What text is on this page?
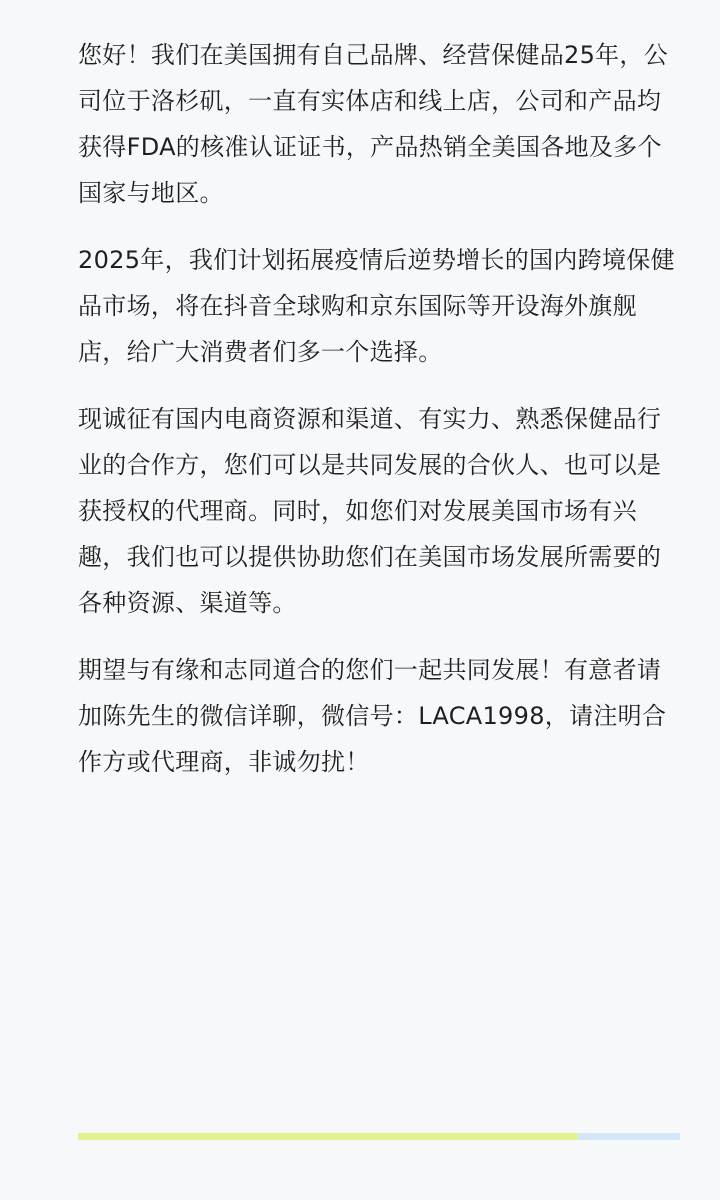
您好！我们在美国拥有自己品牌、经营保健品25年，公司位于洛杉矶，一直有实体店和线上店，公司和产品均获得FDA的核准认证证书，产品热销全美国各地及多个国家与地区。

2025年，我们计划拓展疫情后逆势增长的国内跨境保健品市场，将在抖音全球购和京东国际等开设海外旗舰店，给广大消费者们多一个选择。

现诚征有国内电商资源和渠道、有实力、熟悉保健品行业的合作方，您们可以是共同发展的合伙人、也可以是获授权的代理商。同时，如您们对发展美国市场有兴趣，我们也可以提供协助您们在美国市场发展所需要的各种资源、渠道等。

期望与有缘和志同道合的您们一起共同发展！有意者请加陈先生的微信详聊，微信号：LACA1998，请注明合作方或代理商，非诚勿扰！
